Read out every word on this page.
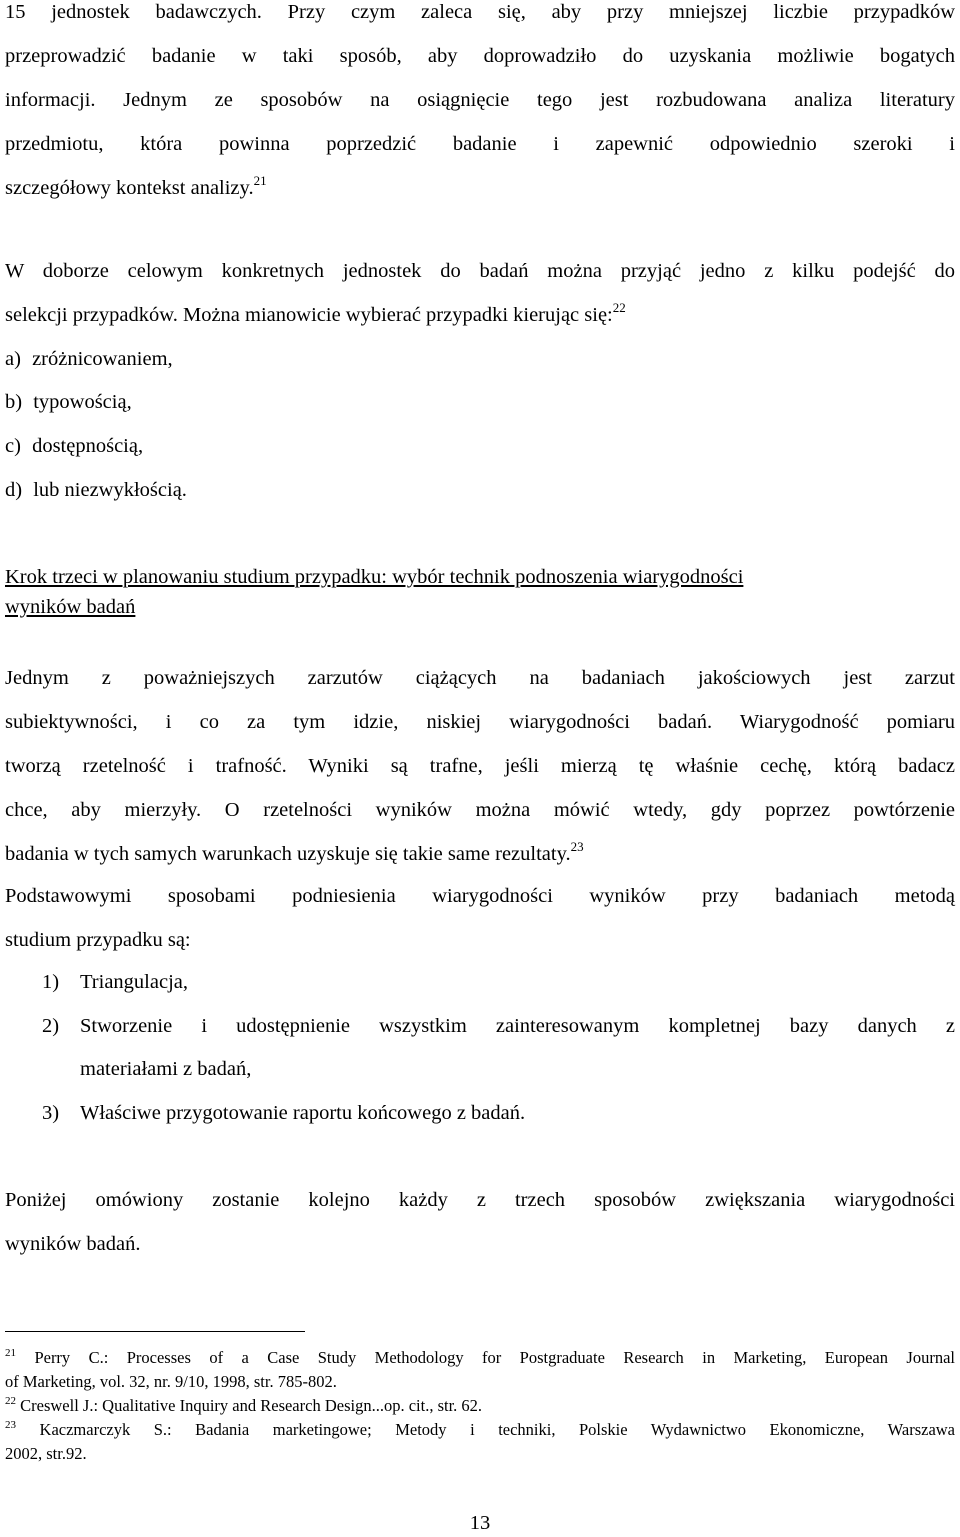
15 jednostek badawczych. Przy czym zaleca się, aby przy mniejszej liczbie przypadków
przeprowadzić badanie w taki sposób, aby doprowadziło do uzyskania możliwie bogatych
informacji. Jednym ze sposobów na osiągnięcie tego jest rozbudowana analiza literatury
przedmiotu, która powinna poprzedzić badanie i zapewnić odpowiednio szeroki i
szczegółowy kontekst analizy.$^{21}$
W doborze celowym konkretnych jednostek do badań można przyjąć jedno z kilku podejść do
selekcji przypadków. Można mianowicie wybierać przypadki kierując się:$^{22}$
a) zróżnicowaniem,
b) typowością,
c) dostępnością,
d) lub niezwykłością.
Krok trzeci w planowaniu studium przypadku: wybór technik podnoszenia wiarygodności
wyników badań
Jednym z poważniejszych zarzutów ciążących na badaniach jakościowych jest zarzut
subiektywności, i co za tym idzie, niskiej wiarygodności badań. Wiarygodność pomiaru
tworzą rzetelność i trafność. Wyniki są trafne, jeśli mierzą tę właśnie cechę, którą badacz
chce, aby mierzyły. O rzetelności wyników można mówić wtedy, gdy poprzez powtórzenie
badania w tych samych warunkach uzyskuje się takie same rezultaty.$^{23}$
Podstawowymi sposobami podniesienia wiarygodności wyników przy badaniach metodą
studium przypadku są:
1) Triangulacja,
2) Stworzenie i udostępnienie wszystkim zainteresowanym kompletnej bazy danych z
materiałami z badań,
3) Właściwe przygotowanie raportu końcowego z badań.
Poniżej omówiony zostanie kolejno każdy z trzech sposobów zwiększania wiarygodności
wyników badań.
$^{21}$ Perry C.: Processes of a Case Study Methodology for Postgraduate Research in Marketing, European Journal
of Marketing, vol. 32, nr. 9/10, 1998, str. 785-802.
$^{22}$ Creswell J.: Qualitative Inquiry and Research Design...op. cit., str. 62.
$^{23}$ Kaczmarczyk S.: Badania marketingowe; Metody i techniki, Polskie Wydawnictwo Ekonomiczne, Warszawa
2002, str.92.
13
